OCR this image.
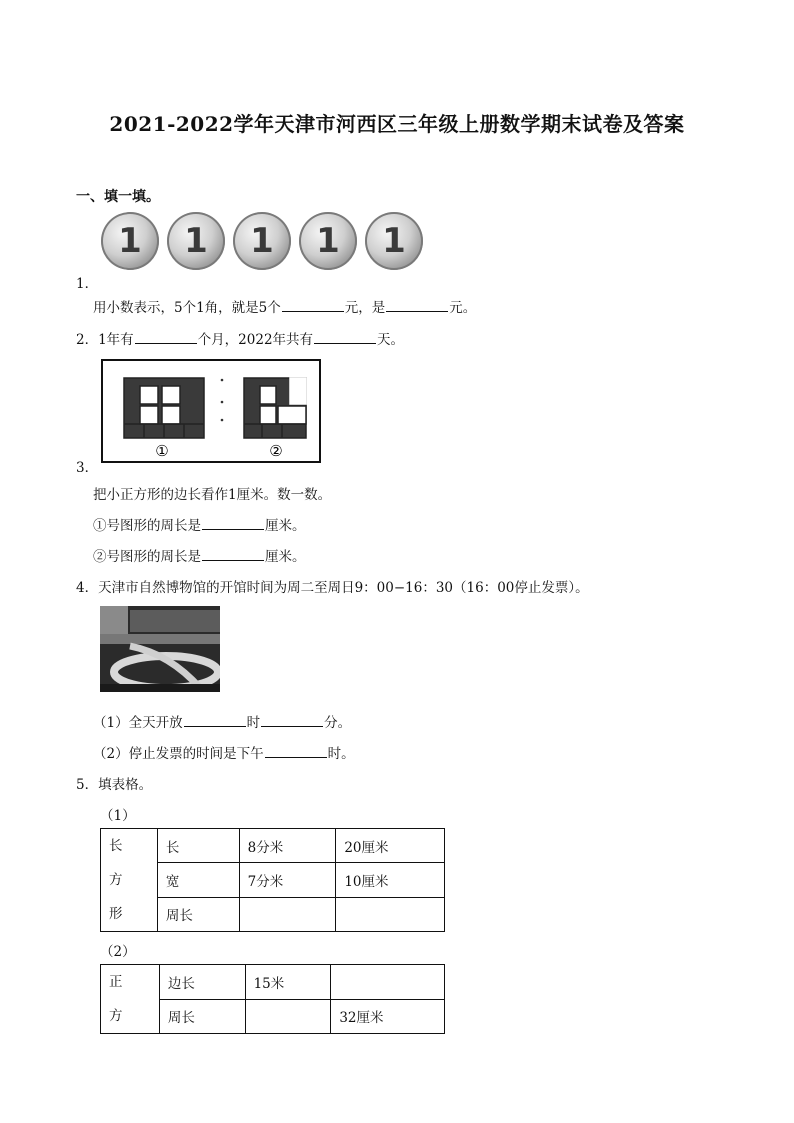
2021-2022学年天津市河西区三年级上册数学期末试卷及答案
一、填一填。
1	1	1	1	1
1．
用小数表示，5个1角，就是5个	元，是	元。
2．1年有	个月，2022年共有	天。
①	②
3．
把小正方形的边长看作1厘米。数一数。
①号图形的周长是	厘米。
②号图形的周长是	厘米。
4．天津市自然博物馆的开馆时间为周二至周日9：00−16：30（16：00停止发票）。
（1）全天开放	时	分。
（2）停止发票的时间是下午	时。
5．填表格。
（1）
长
方
形	长	8分米	20厘米
	宽	7分米	10厘米
	周长		
（2）
正
方	边长	15米	
	周长		32厘米
